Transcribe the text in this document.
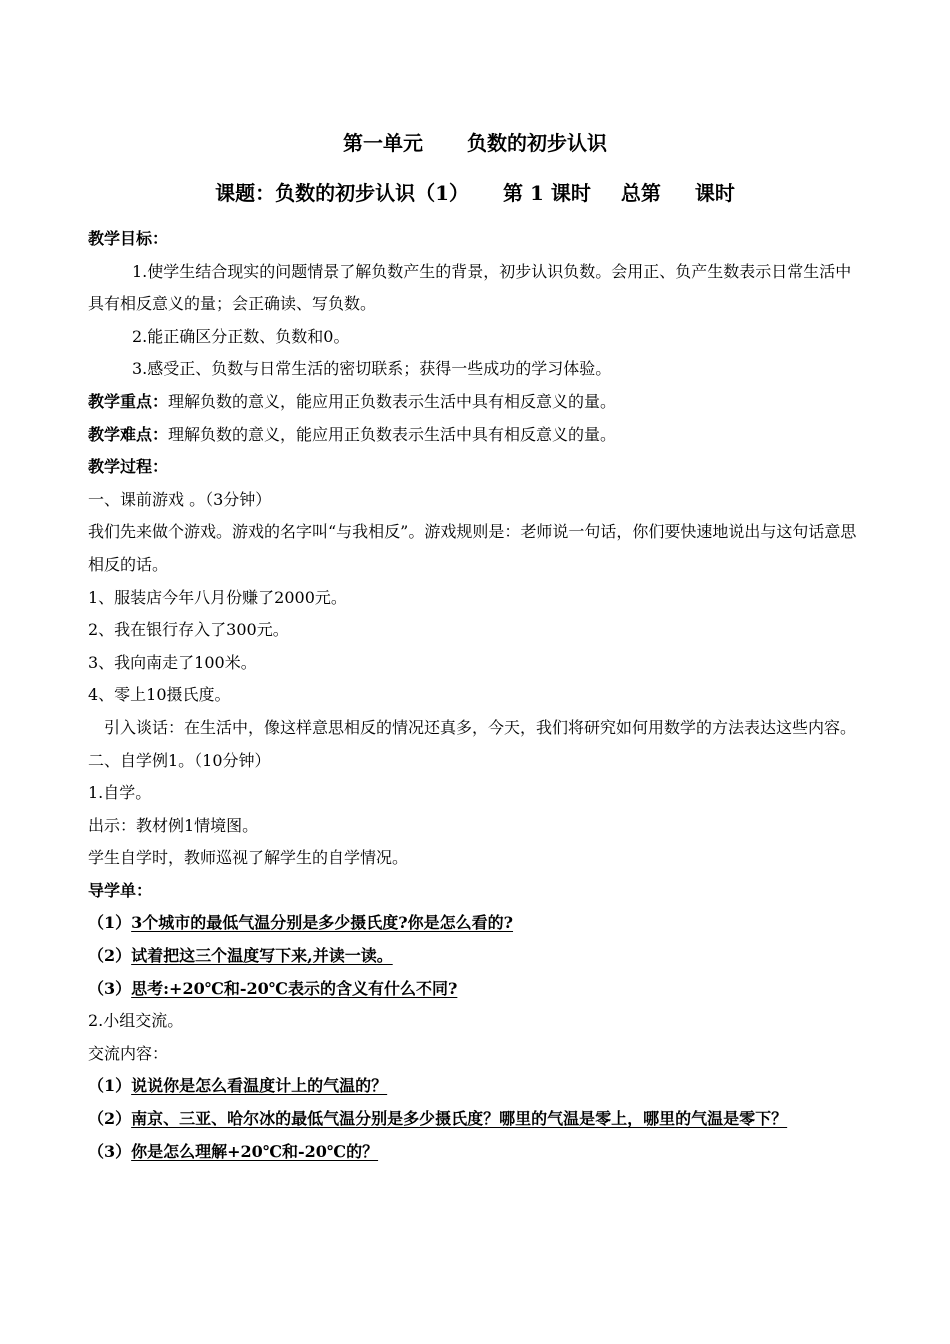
第一单元 负数的初步认识
课题：负数的初步认识（1） 第 1 课时 总第 课时

教学目标：

1.使学生结合现实的问题情景了解负数产生的背景，初步认识负数。会用正、负产生数表示日常生活中具有相反意义的量；会正确读、写负数。

2.能正确区分正数、负数和0。

3.感受正、负数与日常生活的密切联系；获得一些成功的学习体验。

教学重点：理解负数的意义，能应用正负数表示生活中具有相反意义的量。

教学难点：理解负数的意义，能应用正负数表示生活中具有相反意义的量。

教学过程：

一、课前游戏 。（3分钟）

我们先来做个游戏。游戏的名字叫“与我相反”。游戏规则是：老师说一句话，你们要快速地说出与这句话意思相反的话。

1、服装店今年八月份赚了2000元。

2、我在银行存入了300元。

3、我向南走了100米。

4、零上10摄氏度。

引入谈话：在生活中，像这样意思相反的情况还真多，今天，我们将研究如何用数学的方法表达这些内容。

二、自学例1。（10分钟）

1.自学。

出示：教材例1情境图。

学生自学时，教师巡视了解学生的自学情况。

导学单：

（1）3个城市的最低气温分别是多少摄氏度?你是怎么看的?

（2）试着把这三个温度写下来,并读一读。

（3）思考:+20℃和-20℃表示的含义有什么不同?

2.小组交流。

交流内容：

（1）说说你是怎么看温度计上的气温的？

（2）南京、三亚、哈尔冰的最低气温分别是多少摄氏度？哪里的气温是零上，哪里的气温是零下？

（3）你是怎么理解+20℃和-20℃的？
